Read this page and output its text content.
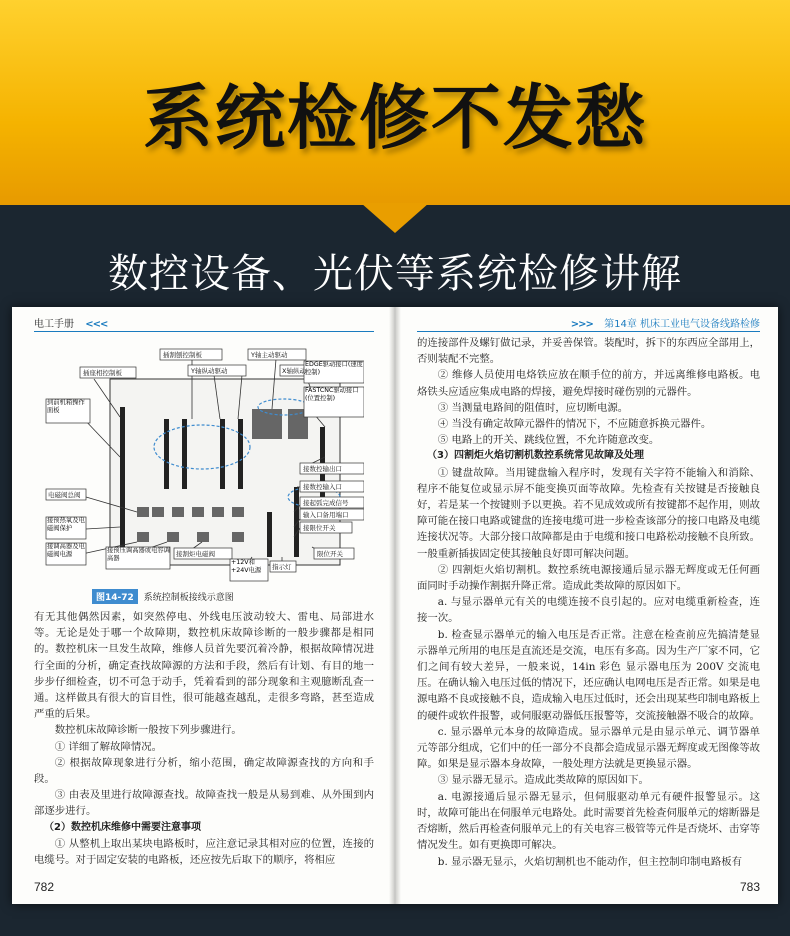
系统检修不发愁
数控设备、光伏等系统检修讲解
电工手册 <<<
插割刨控制板
插座相控制板	Y轴纵动驱动
Y轴主动驱动
X轴纵动
EDGE驱动接口(速度控制)
到前机箱操作面板
FASTCNC驱动接口(位置控制)
接数控输出口
电磁阀总阀
接数控输入口
接起弧完成信号
输入口备用端口
接限位开关
接预热氧及电磁阀保护
接调高器及电磁阀电源	接预压调高器或电容调高器	接割炬电磁阀
+12V和+24V电源	指示灯
限位开关
图14-72	系统控制板接线示意图

有无其他偶然因素，如突然停电、外线电压波动较大、雷电、局部进水等。无论是处于哪一个故障期，数控机床故障诊断的一般步骤都是相同的。数控机床一旦发生故障，维修人员首先要沉着冷静，根据故障情况进行全面的分析，确定查找故障源的方法和手段，然后有计划、有目的地一步步仔细检查，切不可急于动手，凭着看到的部分现象和主观臆断乱查一通。这样做具有很大的盲目性，很可能越查越乱，走很多弯路，甚至造成严重的后果。

数控机床故障诊断一般按下列步骤进行。

① 详细了解故障情况。

② 根据故障现象进行分析，缩小范围，确定故障源查找的方向和手段。

③ 由表及里进行故障源查找。故障查找一般是从易到难、从外围到内部逐步进行。

（2）数控机床维修中需要注意事项

① 从整机上取出某块电路板时，应注意记录其相对应的位置，连接的电缆号。对于固定安装的电路板，还应按先后取下的顺序，将相应

782
>>> 第14章 机床工业电气设备线路检修

的连接部件及螺钉做记录，并妥善保管。装配时，拆下的东西应全部用上，否则装配不完整。

② 维修人员使用电烙铁应放在顺手位的前方，并远离维修电路板。电烙铁头应适应集成电路的焊接，避免焊接时碰伤别的元器件。

③ 当测量电路间的阻值时，应切断电源。

④ 当没有确定故障元器件的情况下，不应随意拆换元器件。

⑤ 电路上的开关、跳线位置，不允许随意改变。

（3）四割炬火焰切割机数控系统常见故障及处理

① 键盘故障。当用键盘输入程序时，发现有关字符不能输入和消除、程序不能复位或显示屏不能变换页面等故障。先检查有关按键是否接触良好，若是某一个按键则予以更换。若不见成效或所有按键都不起作用，则故障可能在接口电路或键盘的连接电缆可进一步检查该部分的接口电路及电缆连接状况等。大部分接口故障都是由于电缆和接口电路松动接触不良所致。一般重新插拔固定使其接触良好即可解决问题。

② 四割炬火焰切割机。数控系统电源接通后显示器无辉度或无任何画面同时手动操作割据升降正常。造成此类故障的原因如下。

a. 与显示器单元有关的电缆连接不良引起的。应对电缆重新检查，连接一次。

b. 检查显示器单元的输入电压是否正常。注意在检查前应先搞清楚显示器单元所用的电压是直流还是交流，电压有多高。因为生产厂家不同，它们之间有较大差异，一般来说，14in 彩色 显示器电压为 200V 交流电压。在确认输入电压过低的情况下，还应确认电网电压是否正常。如果是电源电路不良或接触不良，造成输入电压过低时，还会出现某些印制电路板上的硬件或软件报警，或伺服驱动器低压报警等，交流接触器不吸合的故障。

c. 显示器单元本身的故障造成。显示器单元是由显示单元、调节器单元等部分组成，它们中的任一部分不良都会造成显示器无辉度或无图像等故障。如果是显示器本身故障，一般处理方法就是更换显示器。

③ 显示器无显示。造成此类故障的原因如下。

a. 电源接通后显示器无显示，但伺服驱动单元有硬件报警显示。这时，故障可能出在伺服单元电路处。此时需要首先检查伺服单元的熔断器是否熔断，然后再检查伺服单元上的有关电容三极管等元件是否烧坏、击穿等情况发生。如有更换即可解决。

b. 显示器无显示，火焰切割机也不能动作，但主控制印制电路板有

783
